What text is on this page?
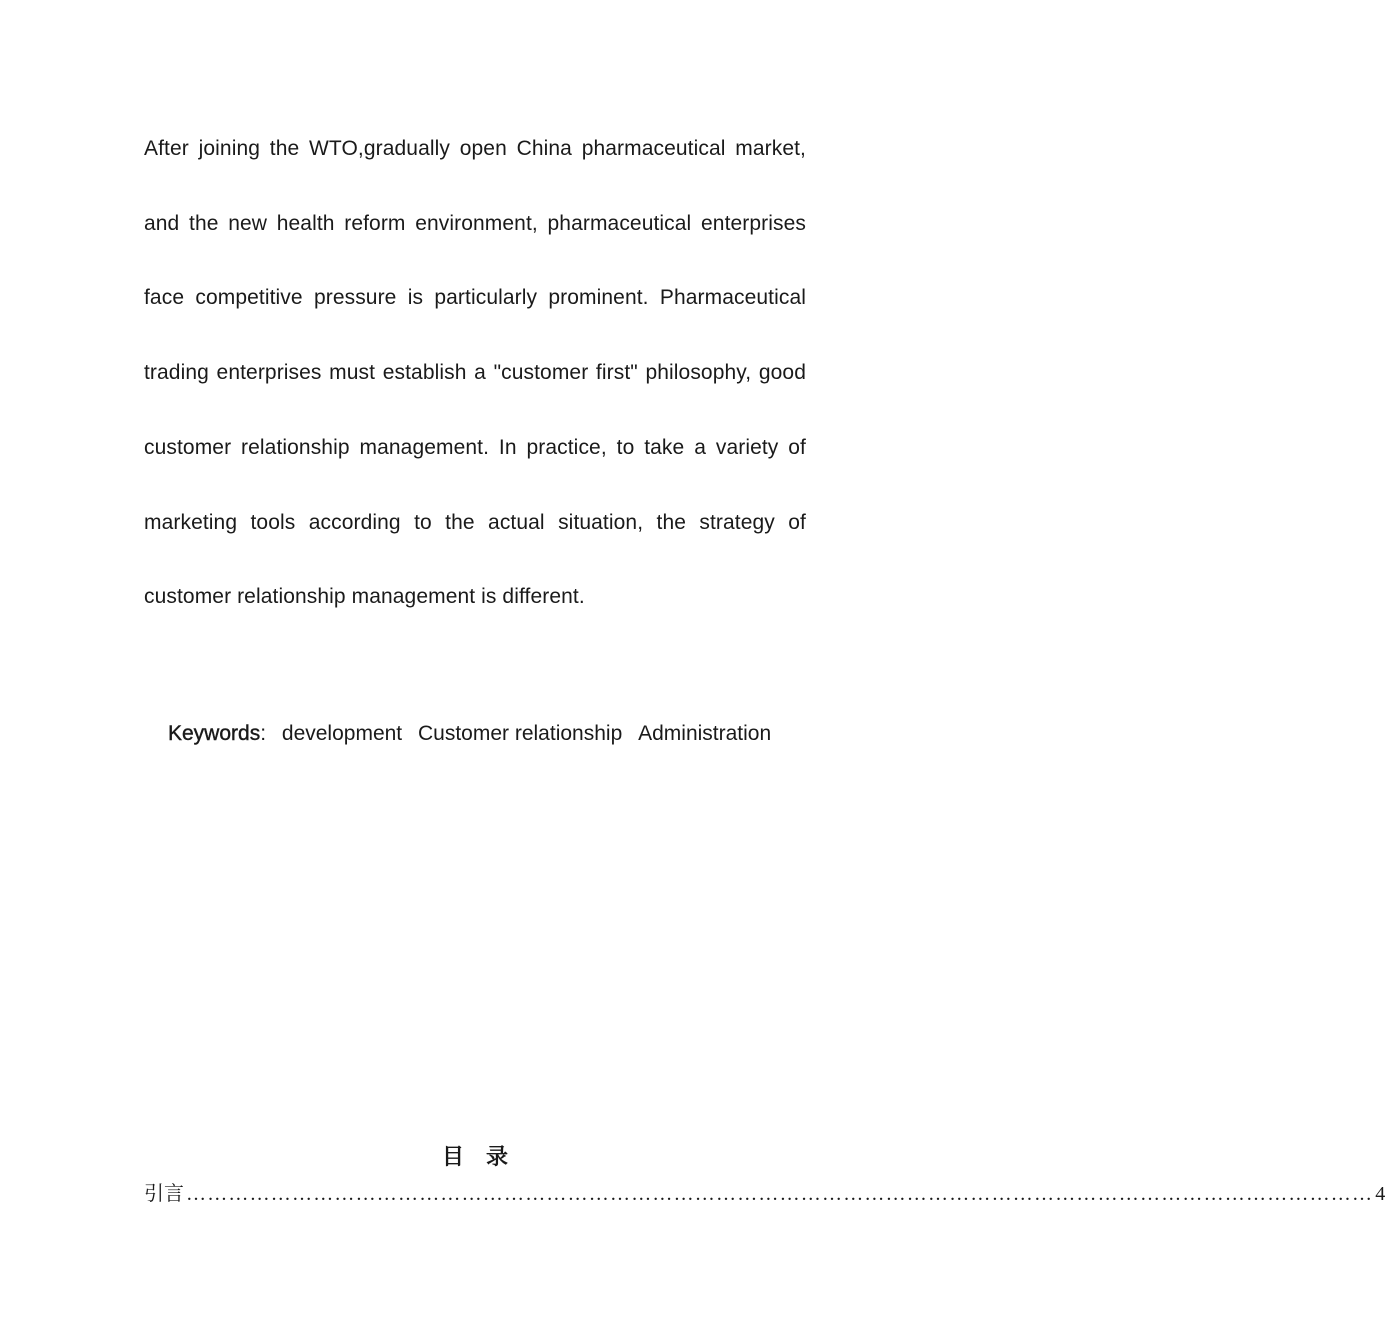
After joining the WTO,gradually open China pharmaceutical market, and the new health reform environment, pharmaceutical enterprises face competitive pressure is particularly prominent. Pharmaceutical trading enterprises must establish a "customer first" philosophy, good customer relationship management. In practice, to take a variety of marketing tools according to the actual situation, the strategy of customer relationship management is different.

Keywords: development Customer relationship Administration
目录
引言 …………………………………………………………………………………………………………………………………………………… 4
